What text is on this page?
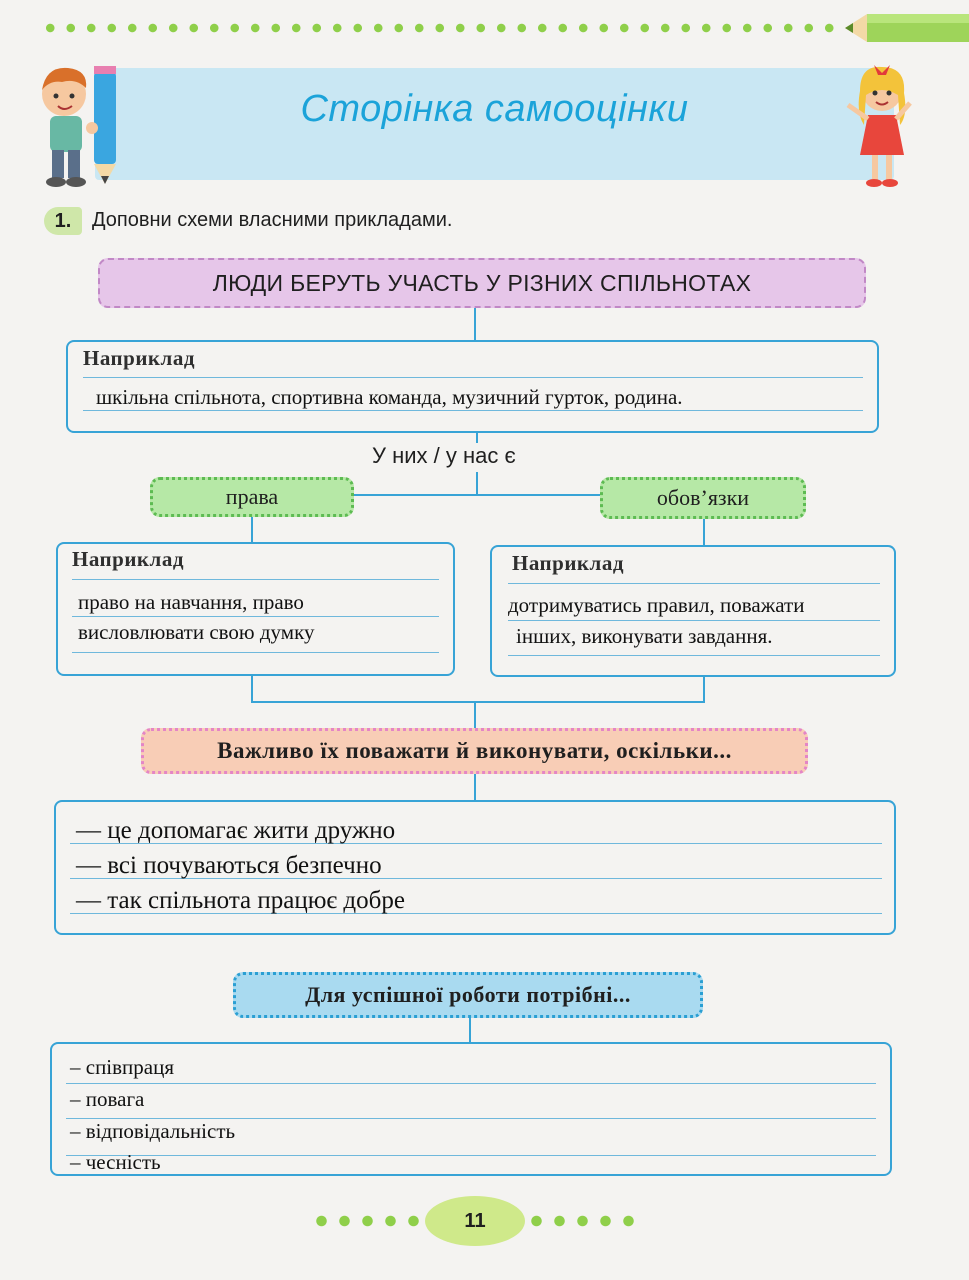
Сторінка самооцінки
1.	Доповни схеми власними прикладами.
ЛЮДИ БЕРУТЬ УЧАСТЬ У РІЗНИХ СПІЛЬНОТАХ
Наприклад
шкільна спільнота, спортивна команда, музичний гурток, родина.
У них / у нас є
права	обов’язки
Наприклад
право на навчання, право
висловлювати свою думку
Наприклад
дотримуватись правил, поважати
інших, виконувати завдання.
Важливо їх поважати й виконувати, оскільки...
— це допомагає жити дружно
— всі почуваються безпечно
— так спільнота працює добре
Для успішної роботи потрібні...
– співпраця
– повага
– відповідальність
– чесність
11
